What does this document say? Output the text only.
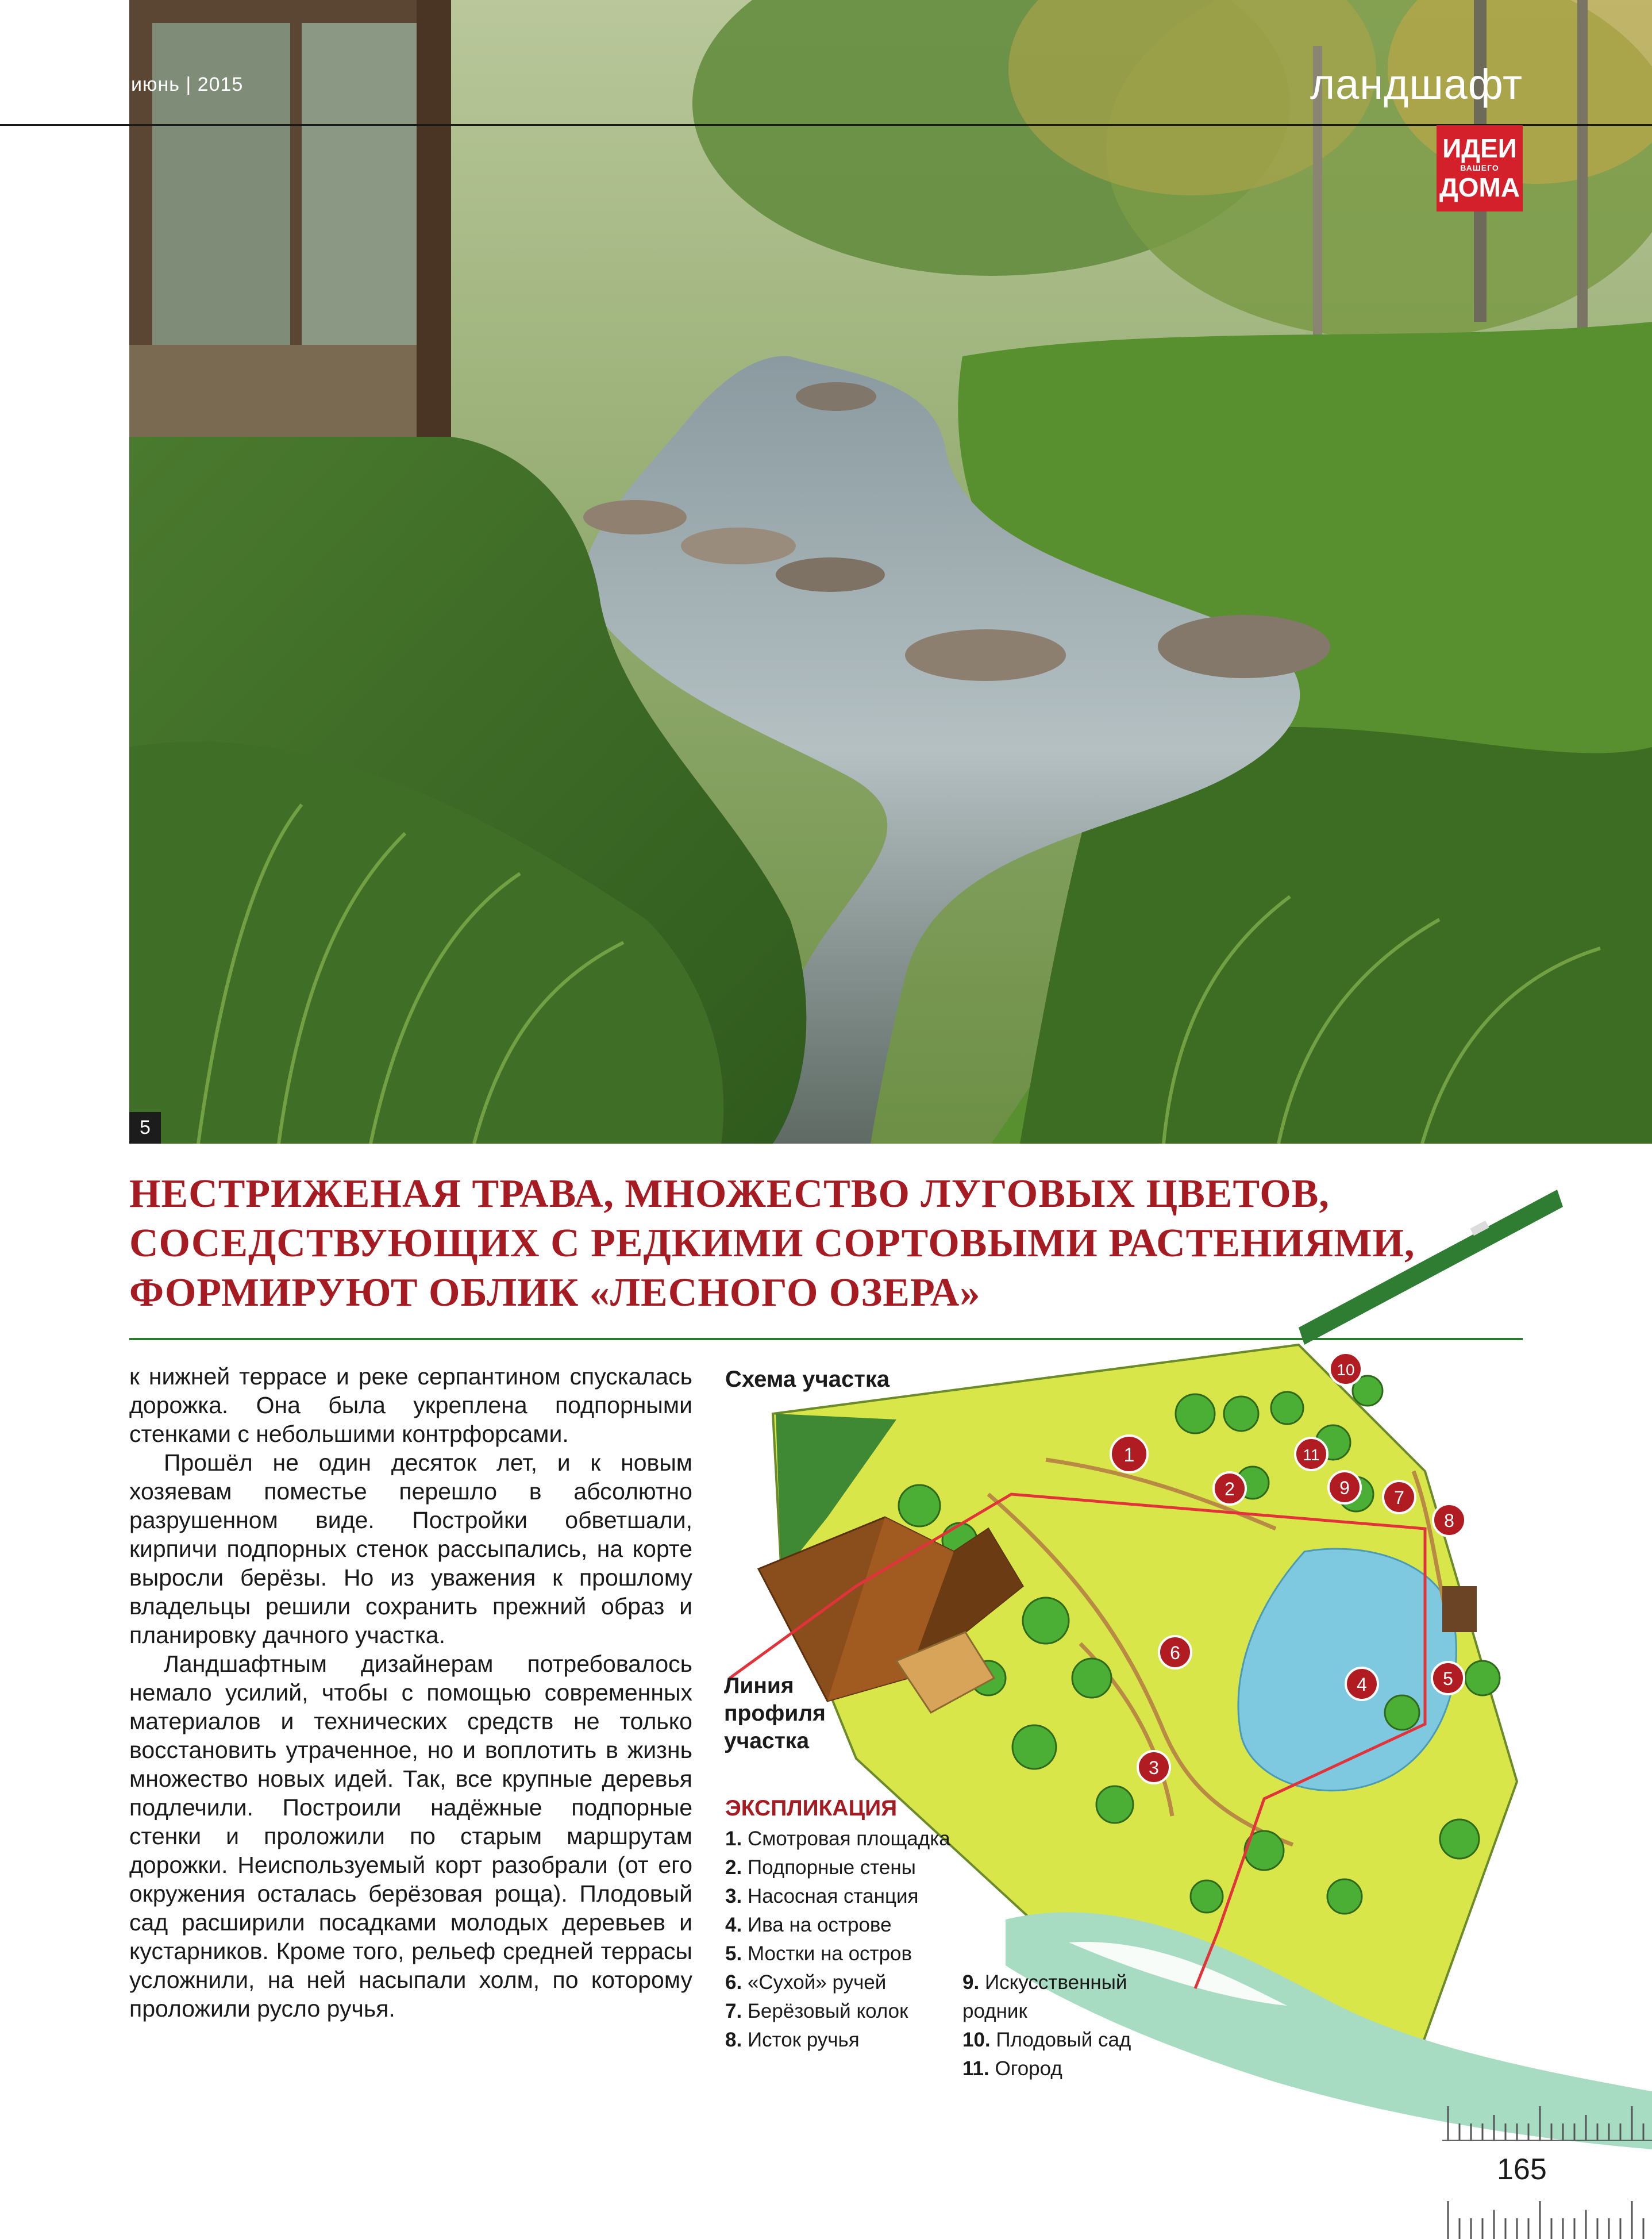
5
июнь | 2015	ландшафт
ИДЕИ
ВАШЕГО
ДОМА
НЕСТРИЖЕНАЯ ТРАВА, МНОЖЕСТВО ЛУГОВЫХ ЦВЕТОВ,
СОСЕДСТВУЮЩИХ С РЕДКИМИ СОРТОВЫМИ РАСТЕНИЯМИ,
ФОРМИРУЮТ ОБЛИК «ЛЕСНОГО ОЗЕРА»

к нижней террасе и реке серпантином спускалась дорожка. Она была укреплена подпорными стенками с небольшими контрфорсами.

Прошёл не один десяток лет, и к новым хозяевам поместье перешло в абсолютно разрушенном виде. Постройки обветшали, кирпичи подпорных стенок рассыпались, на корте выросли берёзы. Но из уважения к прошлому владельцы решили сохранить прежний образ и планировку дачного участка.

Ландшафтным дизайнерам потребовалось немало усилий, чтобы с помощью современных материалов и технических средств не только восстановить утраченное, но и воплотить в жизнь множество новых идей. Так, все крупные деревья подлечили. Построили надёжные подпорные стенки и проложили по старым маршрутам дорожки. Неиспользуемый корт разобрали (от его окружения осталась берёзовая роща). Плодовый сад расширили посадками молодых деревьев и кустарников. Кроме того, рельеф средней террасы усложнили, на ней насыпали холм, по которому проложили русло ручья.

1
2
3
4	5
6
7
8
9
10
11
Схема участка
Линия
профиля
участка
ЭКСПЛИКАЦИЯ
1. Смотровая площадка
2. Подпорные стены
3. Насосная станция
4. Ива на острове
5. Мостки на остров
6. «Сухой» ручей
7. Берёзовый колок
8. Исток ручья
9. Искусственный родник
10. Плодовый сад
11. Огород
165
